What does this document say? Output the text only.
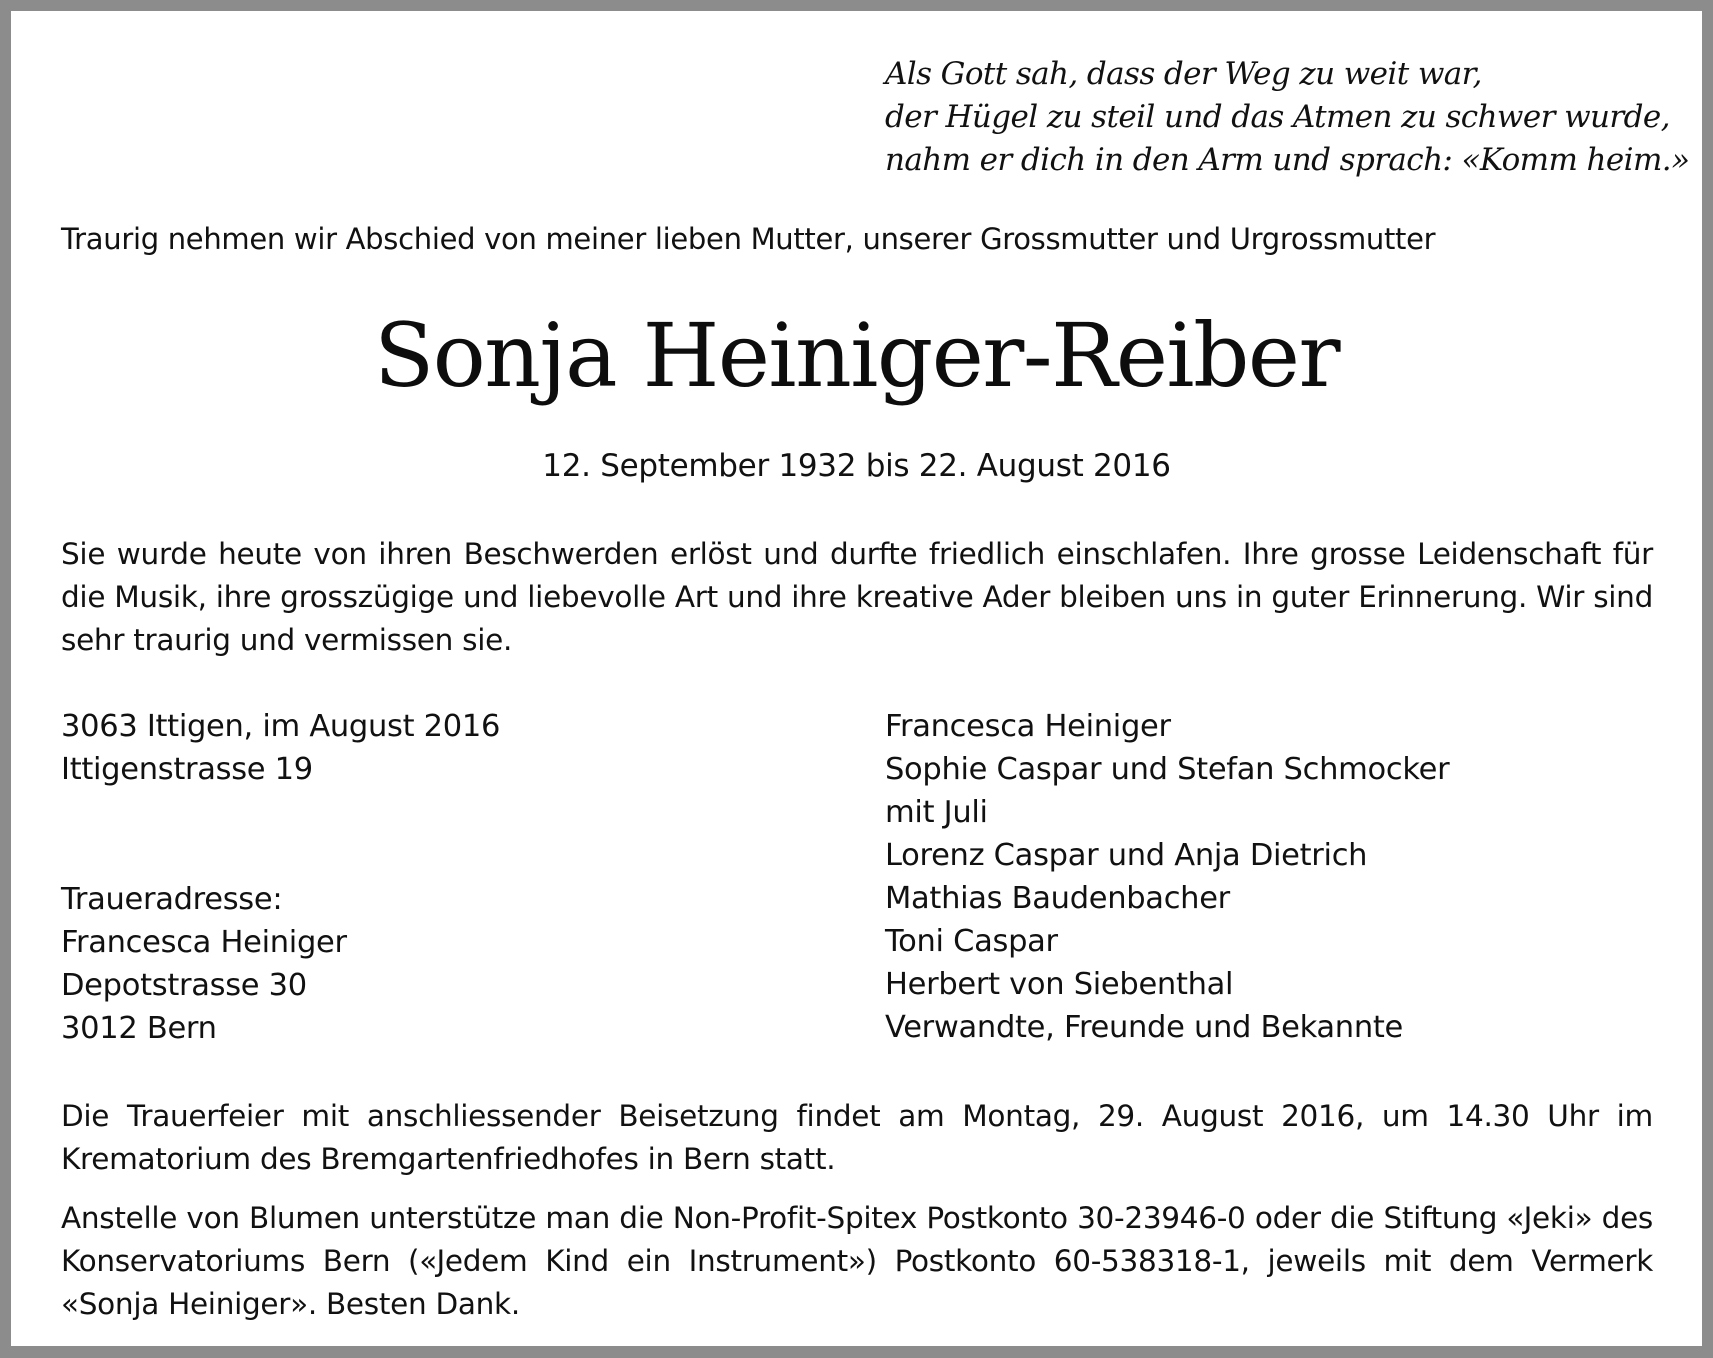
Als Gott sah, dass der Weg zu weit war,
der Hügel zu steil und das Atmen zu schwer wurde,
nahm er dich in den Arm und sprach: «Komm heim.»
Traurig nehmen wir Abschied von meiner lieben Mutter, unserer Grossmutter und Urgrossmutter
Sonja Heiniger-Reiber
12. September 1932 bis 22. August 2016
Sie wurde heute von ihren Beschwerden erlöst und durfte friedlich einschlafen. Ihre grosse Leidenschaft für die Musik, ihre grosszügige und liebevolle Art und ihre kreative Ader bleiben uns in guter Erinnerung. Wir sind sehr traurig und vermissen sie.
3063 Ittigen, im August 2016
Ittigenstrasse 19
Traueradresse:
Francesca Heiniger
Depotstrasse 30
3012 Bern
Francesca Heiniger
Sophie Caspar und Stefan Schmocker
mit Juli
Lorenz Caspar und Anja Dietrich
Mathias Baudenbacher
Toni Caspar
Herbert von Siebenthal
Verwandte, Freunde und Bekannte
Die Trauerfeier mit anschliessender Beisetzung findet am Montag, 29. August 2016, um 14.30 Uhr im Krematorium des Bremgartenfriedhofes in Bern statt.
Anstelle von Blumen unterstütze man die Non-Profit-Spitex Postkonto 30-23946-0 oder die Stiftung «Jeki» des Konservatoriums Bern («Jedem Kind ein Instrument») Postkonto 60-538318-1, jeweils mit dem Vermerk «Sonja Heiniger». Besten Dank.
